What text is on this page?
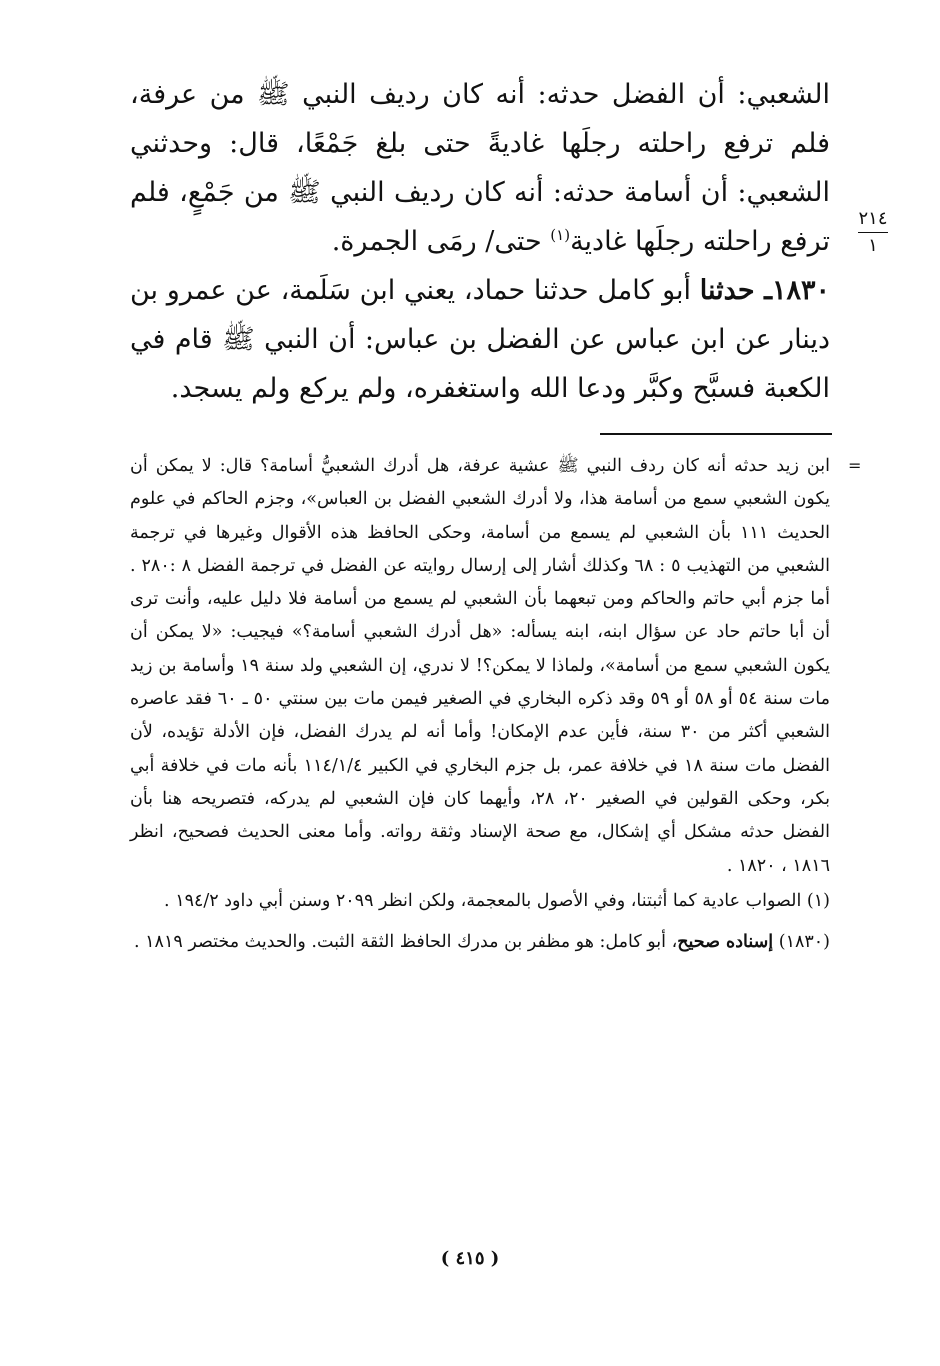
الشعبي: أن الفضل حدثه: أنه كان رديف النبي ﷺ من عرفة، فلم ترفع راحلته رجلَها غاديةً حتى بلغ جَمْعًا، قال: وحدثني الشعبي: أن أسامة حدثه: أنه كان رديف النبي ﷺ من جَمْعٍ، فلم ترفع راحلته رجلَها غادية$^{(١)}$ حتى/ رمَى الجمرة.

١٨٣٠ـ حدثنا أبو كامل حدثنا حماد، يعني ابن سَلَمة، عن عمرو بن دينار عن ابن عباس عن الفضل بن عباس: أن النبي ﷺ قام في الكعبة فسبَّح وكبَّر ودعا الله واستغفره، ولم يركع ولم يسجد.

٢١٤
١
=

ابن زيد حدثه أنه كان ردف النبي ﷺ عشية عرفة، هل أدرك الشعبيُّ أسامة؟ قال: لا يمكن أن يكون الشعبي سمع من أسامة هذا، ولا أدرك الشعبي الفضل بن العباس»، وجزم الحاكم في علوم الحديث ١١١ بأن الشعبي لم يسمع من أسامة، وحكى الحافظ هذه الأقوال وغيرها في ترجمة الشعبي من التهذيب ٥ : ٦٨ وكذلك أشار إلى إرسال روايته عن الفضل في ترجمة الفضل ٨ :٢٨٠ . أما جزم أبي حاتم والحاكم ومن تبعهما بأن الشعبي لم يسمع من أسامة فلا دليل عليه، وأنت ترى أن أبا حاتم حاد عن سؤال ابنه، ابنه يسأله: «هل أدرك الشعبي أسامة؟» فيجيب: «لا يمكن أن يكون الشعبي سمع من أسامة»، ولماذا لا يمكن؟! لا ندري، إن الشعبي ولد سنة ١٩ وأسامة بن زيد مات سنة ٥٤ أو ٥٨ أو ٥٩ وقد ذكره البخاري في الصغير فيمن مات بين سنتي ٥٠ ـ ٦٠ فقد عاصره الشعبي أكثر من ٣٠ سنة، فأين عدم الإمكان! وأما أنه لم يدرك الفضل، فإن الأدلة تؤيده، لأن الفضل مات سنة ١٨ في خلافة عمر، بل جزم البخاري في الكبير ١١٤/١/٤ بأنه مات في خلافة أبي بكر، وحكى القولين في الصغير ٢٠، ٢٨، وأيهما كان فإن الشعبي لم يدركه، فتصريحه هنا بأن الفضل حدثه مشكل أي إشكال، مع صحة الإسناد وثقة رواته. وأما معنى الحديث فصحيح، انظر ١٨١٦ ، ١٨٢٠ .

(١) الصواب عادية كما أثبتنا، وفي الأصول بالمعجمة، ولكن انظر ٢٠٩٩ وسنن أبي داود ١٩٤/٢ .

(١٨٣٠) إسناده صحيح، أبو كامل: هو مظفر بن مدرك الحافظ الثقة الثبت. والحديث مختصر ١٨١٩ .

( ٤١٥ )
